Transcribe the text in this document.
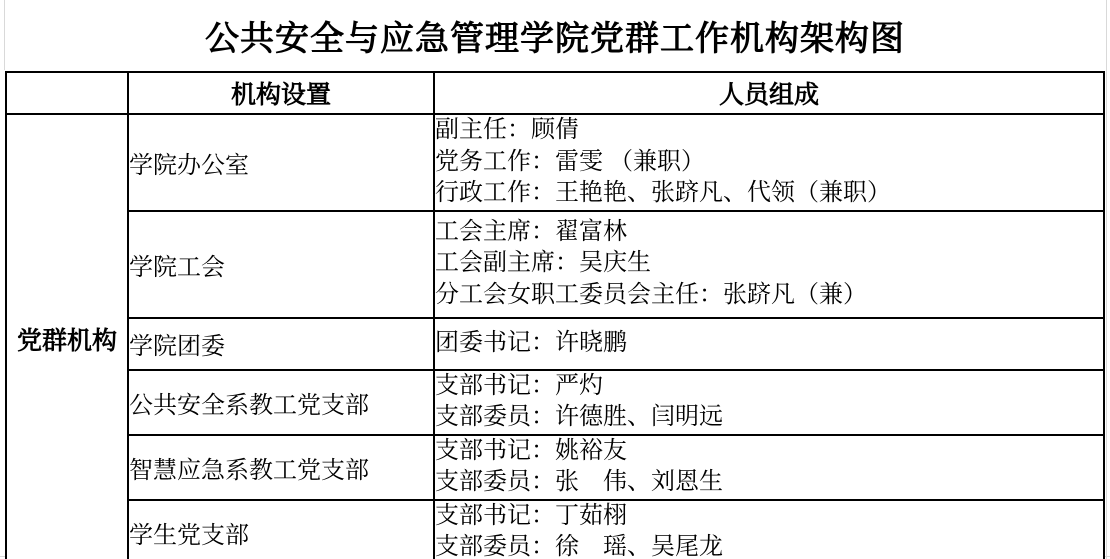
公共安全与应急管理学院党群工作机构架构图
	机构设置	人员组成
党群机构	学院办公室	副主任：顾倩
党务工作：雷雯 （兼职）
行政工作：王艳艳、张跻凡、代领（兼职）

	学院工会	工会主席：翟富林
工会副主席：吴庆生
分工会女职工委员会主任：张跻凡（兼）

	学院团委	团委书记：许晓鹏

	公共安全系教工党支部	支部书记：严灼
支部委员：许德胜、闫明远

	智慧应急系教工党支部	支部书记：姚裕友
支部委员：张　伟、刘恩生

	学生党支部	支部书记：丁茹栩
支部委员：徐　瑶、吴尾龙
